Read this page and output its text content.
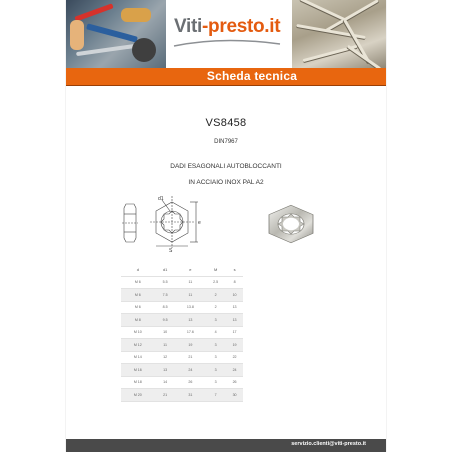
Viti-presto.it
Scheda tecnica
VS8458
DIN7967
DADI ESAGONALI AUTOBLOCCANTI
IN ACCIAIO INOX PAL A2
d1
S
e
d	d1	e	M	s
M 6	5.5	11	2.5	8
M 6	7.5	11	2	10
M 6	8.5	13.8	2	13
M 8	9.5	13	3	13
M 10	10	17.6	4	17
M 12	11	19	3	19
M 14	12	21	3	22
M 16	13	24	3	24
M 18	14	26	3	26
M 20	21	31	7	30
servizio.clienti@viti-presto.it
